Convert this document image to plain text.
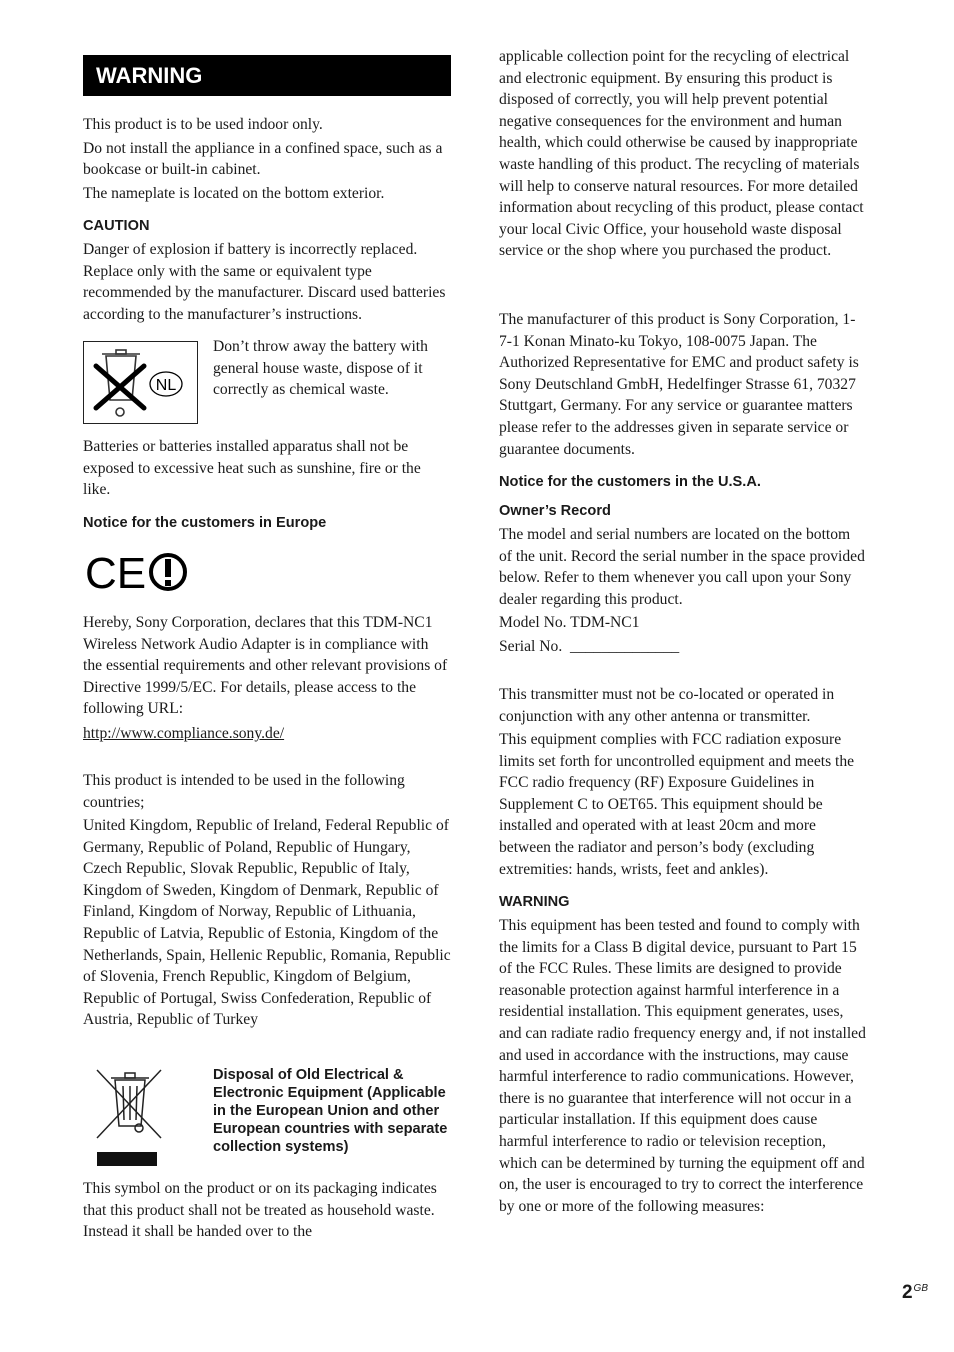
WARNING

This product is to be used indoor only.

Do not install the appliance in a confined space, such as a bookcase or built-in cabinet.

The nameplate is located on the bottom exterior.

CAUTION
Danger of explosion if battery is incorrectly replaced. Replace only with the same or equivalent type recommended by the manufacturer. Discard used batteries according to the manufacturer’s instructions.
NL
Don’t throw away the battery with general house waste, dispose of it correctly as chemical waste.
Batteries or batteries installed apparatus shall not be exposed to excessive heat such as sunshine, fire or the like.
Notice for the customers in Europe
CE
Hereby, Sony Corporation, declares that this TDM-NC1 Wireless Network Audio Adapter is in compliance with the essential requirements and other relevant provisions of Directive 1999/5/EC. For details, please access to the following URL:
http://www.compliance.sony.de/
This product is intended to be used in the following countries;
United Kingdom, Republic of Ireland, Federal Republic of Germany, Republic of Poland, Republic of Hungary, Czech Republic, Slovak Republic, Republic of Italy, Kingdom of Sweden, Kingdom of Denmark, Republic of Finland, Kingdom of Norway, Republic of Lithuania, Republic of Latvia, Republic of Estonia, Kingdom of the Netherlands, Spain, Hellenic Republic, Romania, Republic of Slovenia, French Republic, Kingdom of Belgium, Republic of Portugal, Swiss Confederation, Republic of Austria, Republic of Turkey
Disposal of Old Electrical & Electronic Equipment (Applicable in the European Union and other European countries with separate collection systems)
This symbol on the product or on its packaging indicates that this product shall not be treated as household waste. Instead it shall be handed over to the
applicable collection point for the recycling of electrical and electronic equipment. By ensuring this product is disposed of correctly, you will help prevent potential negative consequences for the environment and human health, which could otherwise be caused by inappropriate waste handling of this product. The recycling of materials will help to conserve natural resources. For more detailed information about recycling of this product, please contact your local Civic Office, your household waste disposal service or the shop where you purchased the product.
The manufacturer of this product is Sony Corporation, 1-7-1 Konan Minato-ku Tokyo, 108-0075 Japan. The Authorized Representative for EMC and product safety is Sony Deutschland GmbH, Hedelfinger Strasse 61, 70327 Stuttgart, Germany. For any service or guarantee matters please refer to the addresses given in separate service or guarantee documents.
Notice for the customers in the U.S.A.
Owner’s Record
The model and serial numbers are located on the bottom of the unit. Record the serial number in the space provided below. Refer to them whenever you call upon your Sony dealer regarding this product.
Model No. TDM-NC1
Serial No.  ______________
This transmitter must not be co-located or operated in conjunction with any other antenna or transmitter.
This equipment complies with FCC radiation exposure limits set forth for uncontrolled equipment and meets the FCC radio frequency (RF) Exposure Guidelines in Supplement C to OET65. This equipment should be installed and operated with at least 20cm and more between the radiator and person’s body (excluding extremities: hands, wrists, feet and ankles).
WARNING
This equipment has been tested and found to comply with the limits for a Class B digital device, pursuant to Part 15 of the FCC Rules. These limits are designed to provide reasonable protection against harmful interference in a residential installation. This equipment generates, uses, and can radiate radio frequency energy and, if not installed and used in accordance with the instructions, may cause harmful interference to radio communications. However, there is no guarantee that interference will not occur in a particular installation. If this equipment does cause harmful interference to radio or television reception, which can be determined by turning the equipment off and on, the user is encouraged to try to correct the interference by one or more of the following measures:
$2^{GB}$
